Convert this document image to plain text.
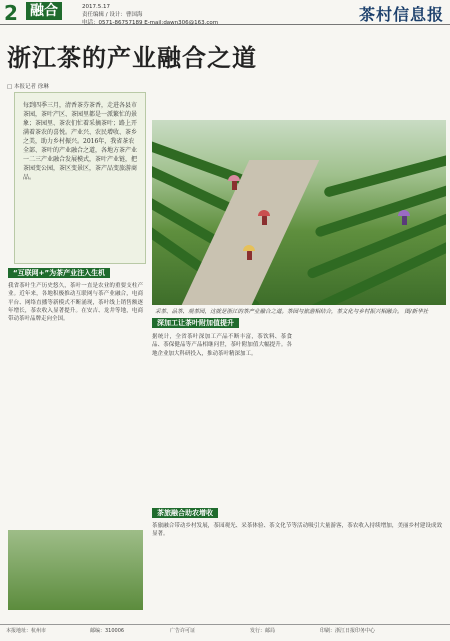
2 融合	2017.5.17
责任编辑 / 设计：曹国海
电话：0571-86757189 E-mail:dawn306@163.com	茶村信息报
浙江茶的产业融合之道
□ 本报记者 徐琳
每到四季三月，清香茶芬茶香，走进各县市茶园，茶叶产区、茶园里都是一派繁忙的景象；茶园里、茶农们忙着采摘茶叶；路上开满着茶农的喜悦。产业兴、农民增收、茶乡之美，助力乡村振兴。2016年，我省茶农全部、茶叶的产业融合之道，各地方茶产业一二三产业融合发展模式，茶叶产业链，把茶园变公园，茶区变景区，茶产品变旅游商品。
采茶、品茶、观茶园，这就是浙江的茶产业融合之道。茶园与旅游相结合，茶文化与乡村振兴相融合。 图/新华社
“互联网+”为茶产业注入生机
我省茶叶生产历史悠久，茶叶一直是农业的重要支柱产业。近年来，各地积极推动互联网与茶产业融合，电商平台、网络直播等新模式不断涌现，茶叶线上销售额逐年增长，茶农收入显著提升。在安吉、龙井等地，电商带动茶叶品牌走向全国。	深加工让茶叶附加值提升
据统计，全省茶叶深加工产品不断丰富，茶饮料、茶食品、茶保健品等产品相继问世，茶叶附加值大幅提升。各地企业加大科研投入，推动茶叶精深加工。
茶旅融合助农增收
茶旅融合带动乡村发展，茶园观光、采茶体验、茶文化节等活动吸引大量游客，茶农收入持续增加，美丽乡村建设成效显著。
本报地址：杭州市	邮编：310006	广告许可证	发行：邮局	印刷：浙江日报印务中心
